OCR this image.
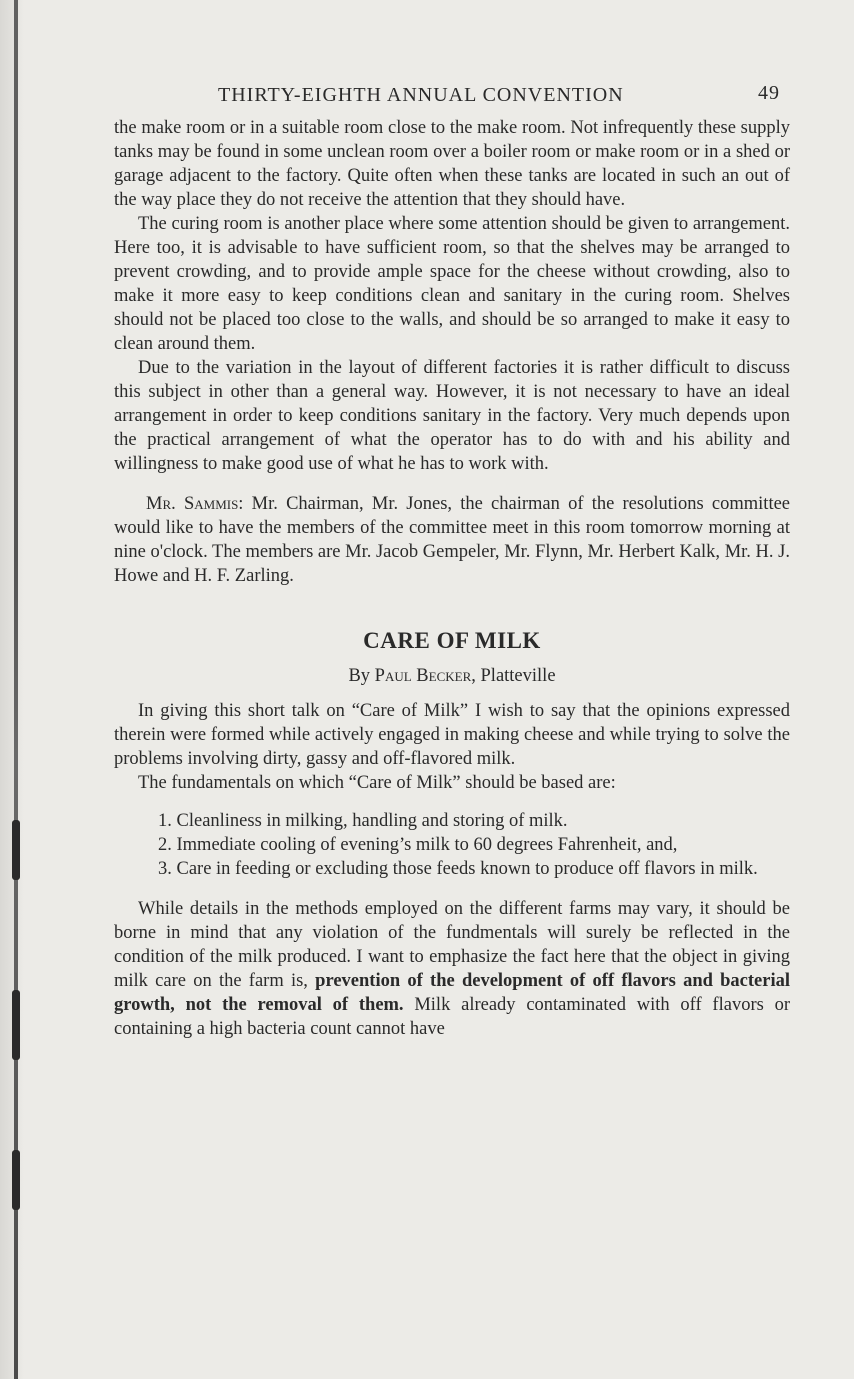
THIRTY-EIGHTH ANNUAL CONVENTION	49

the make room or in a suitable room close to the make room. Not infrequently these supply tanks may be found in some unclean room over a boiler room or make room or in a shed or garage adjacent to the factory. Quite often when these tanks are located in such an out of the way place they do not receive the attention that they should have.

The curing room is another place where some attention should be given to arrangement. Here too, it is advisable to have sufficient room, so that the shelves may be arranged to prevent crowding, and to provide ample space for the cheese without crowding, also to make it more easy to keep conditions clean and sanitary in the curing room. Shelves should not be placed too close to the walls, and should be so arranged to make it easy to clean around them.

Due to the variation in the layout of different factories it is rather difficult to discuss this subject in other than a general way. However, it is not necessary to have an ideal arrangement in order to keep conditions sanitary in the factory. Very much depends upon the practical arrangement of what the operator has to do with and his ability and willingness to make good use of what he has to work with.

Mr. Sammis: Mr. Chairman, Mr. Jones, the chairman of the resolutions committee would like to have the members of the committee meet in this room tomorrow morning at nine o'clock. The members are Mr. Jacob Gempeler, Mr. Flynn, Mr. Herbert Kalk, Mr. H. J. Howe and H. F. Zarling.

CARE OF MILK
By Paul Becker, Platteville

In giving this short talk on “Care of Milk” I wish to say that the opinions expressed therein were formed while actively engaged in making cheese and while trying to solve the problems involving dirty, gassy and off-flavored milk.

The fundamentals on which “Care of Milk” should be based are:

1. Cleanliness in milking, handling and storing of milk.
2. Immediate cooling of evening’s milk to 60 degrees Fahrenheit, and,
3. Care in feeding or excluding those feeds known to produce off flavors in milk.

While details in the methods employed on the different farms may vary, it should be borne in mind that any violation of the fundmentals will surely be reflected in the condition of the milk produced. I want to emphasize the fact here that the object in giving milk care on the farm is, prevention of the development of off flavors and bacterial growth, not the removal of them. Milk already contaminated with off flavors or containing a high bacteria count cannot have
